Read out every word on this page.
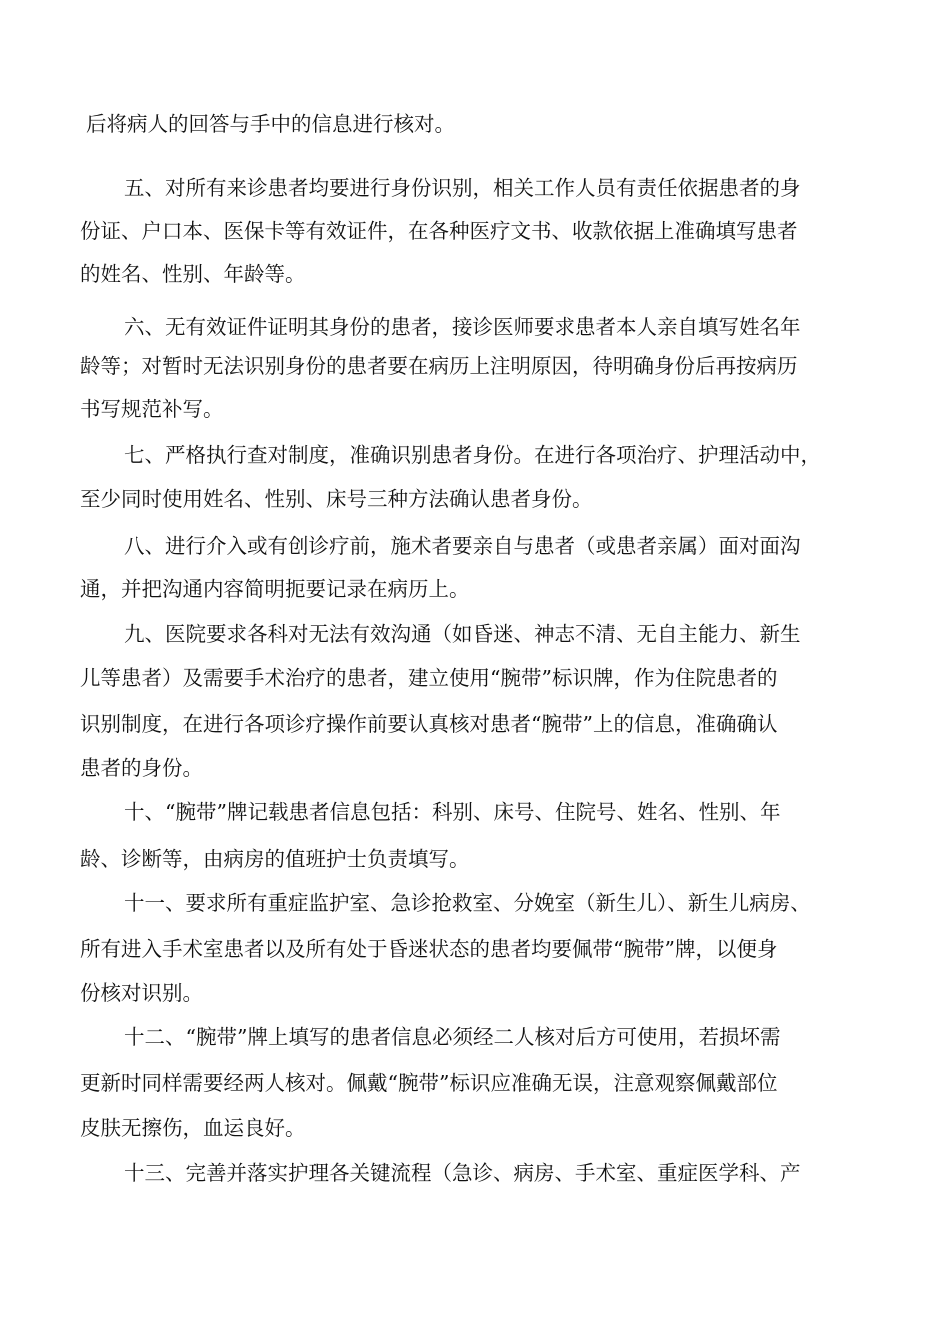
后将病人的回答与手中的信息进行核对。

五、对所有来诊患者均要进行身份识别，相关工作人员有责任依据患者的身

份证、户口本、医保卡等有效证件，在各种医疗文书、收款依据上准确填写患者

的姓名、性别、年龄等。

六、无有效证件证明其身份的患者，接诊医师要求患者本人亲自填写姓名年

龄等；对暂时无法识别身份的患者要在病历上注明原因，待明确身份后再按病历

书写规范补写。

七、严格执行查对制度，准确识别患者身份。在进行各项治疗、护理活动中，

至少同时使用姓名、性别、床号三种方法确认患者身份。

八、进行介入或有创诊疗前，施术者要亲自与患者（或患者亲属）面对面沟

通，并把沟通内容简明扼要记录在病历上。

九、医院要求各科对无法有效沟通（如昏迷、神志不清、无自主能力、新生

儿等患者）及需要手术治疗的患者，建立使用“腕带”标识牌，作为住院患者的

识别制度，在进行各项诊疗操作前要认真核对患者“腕带”上的信息，准确确认

患者的身份。

十、“腕带”牌记载患者信息包括：科别、床号、住院号、姓名、性别、年

龄、诊断等，由病房的值班护士负责填写。

十一、要求所有重症监护室、急诊抢救室、分娩室（新生儿）、新生儿病房、

所有进入手术室患者以及所有处于昏迷状态的患者均要佩带“腕带”牌，以便身

份核对识别。

十二、“腕带”牌上填写的患者信息必须经二人核对后方可使用，若损坏需

更新时同样需要经两人核对。佩戴“腕带”标识应准确无误，注意观察佩戴部位

皮肤无擦伤，血运良好。

十三、完善并落实护理各关键流程（急诊、病房、手术室、重症医学科、产
